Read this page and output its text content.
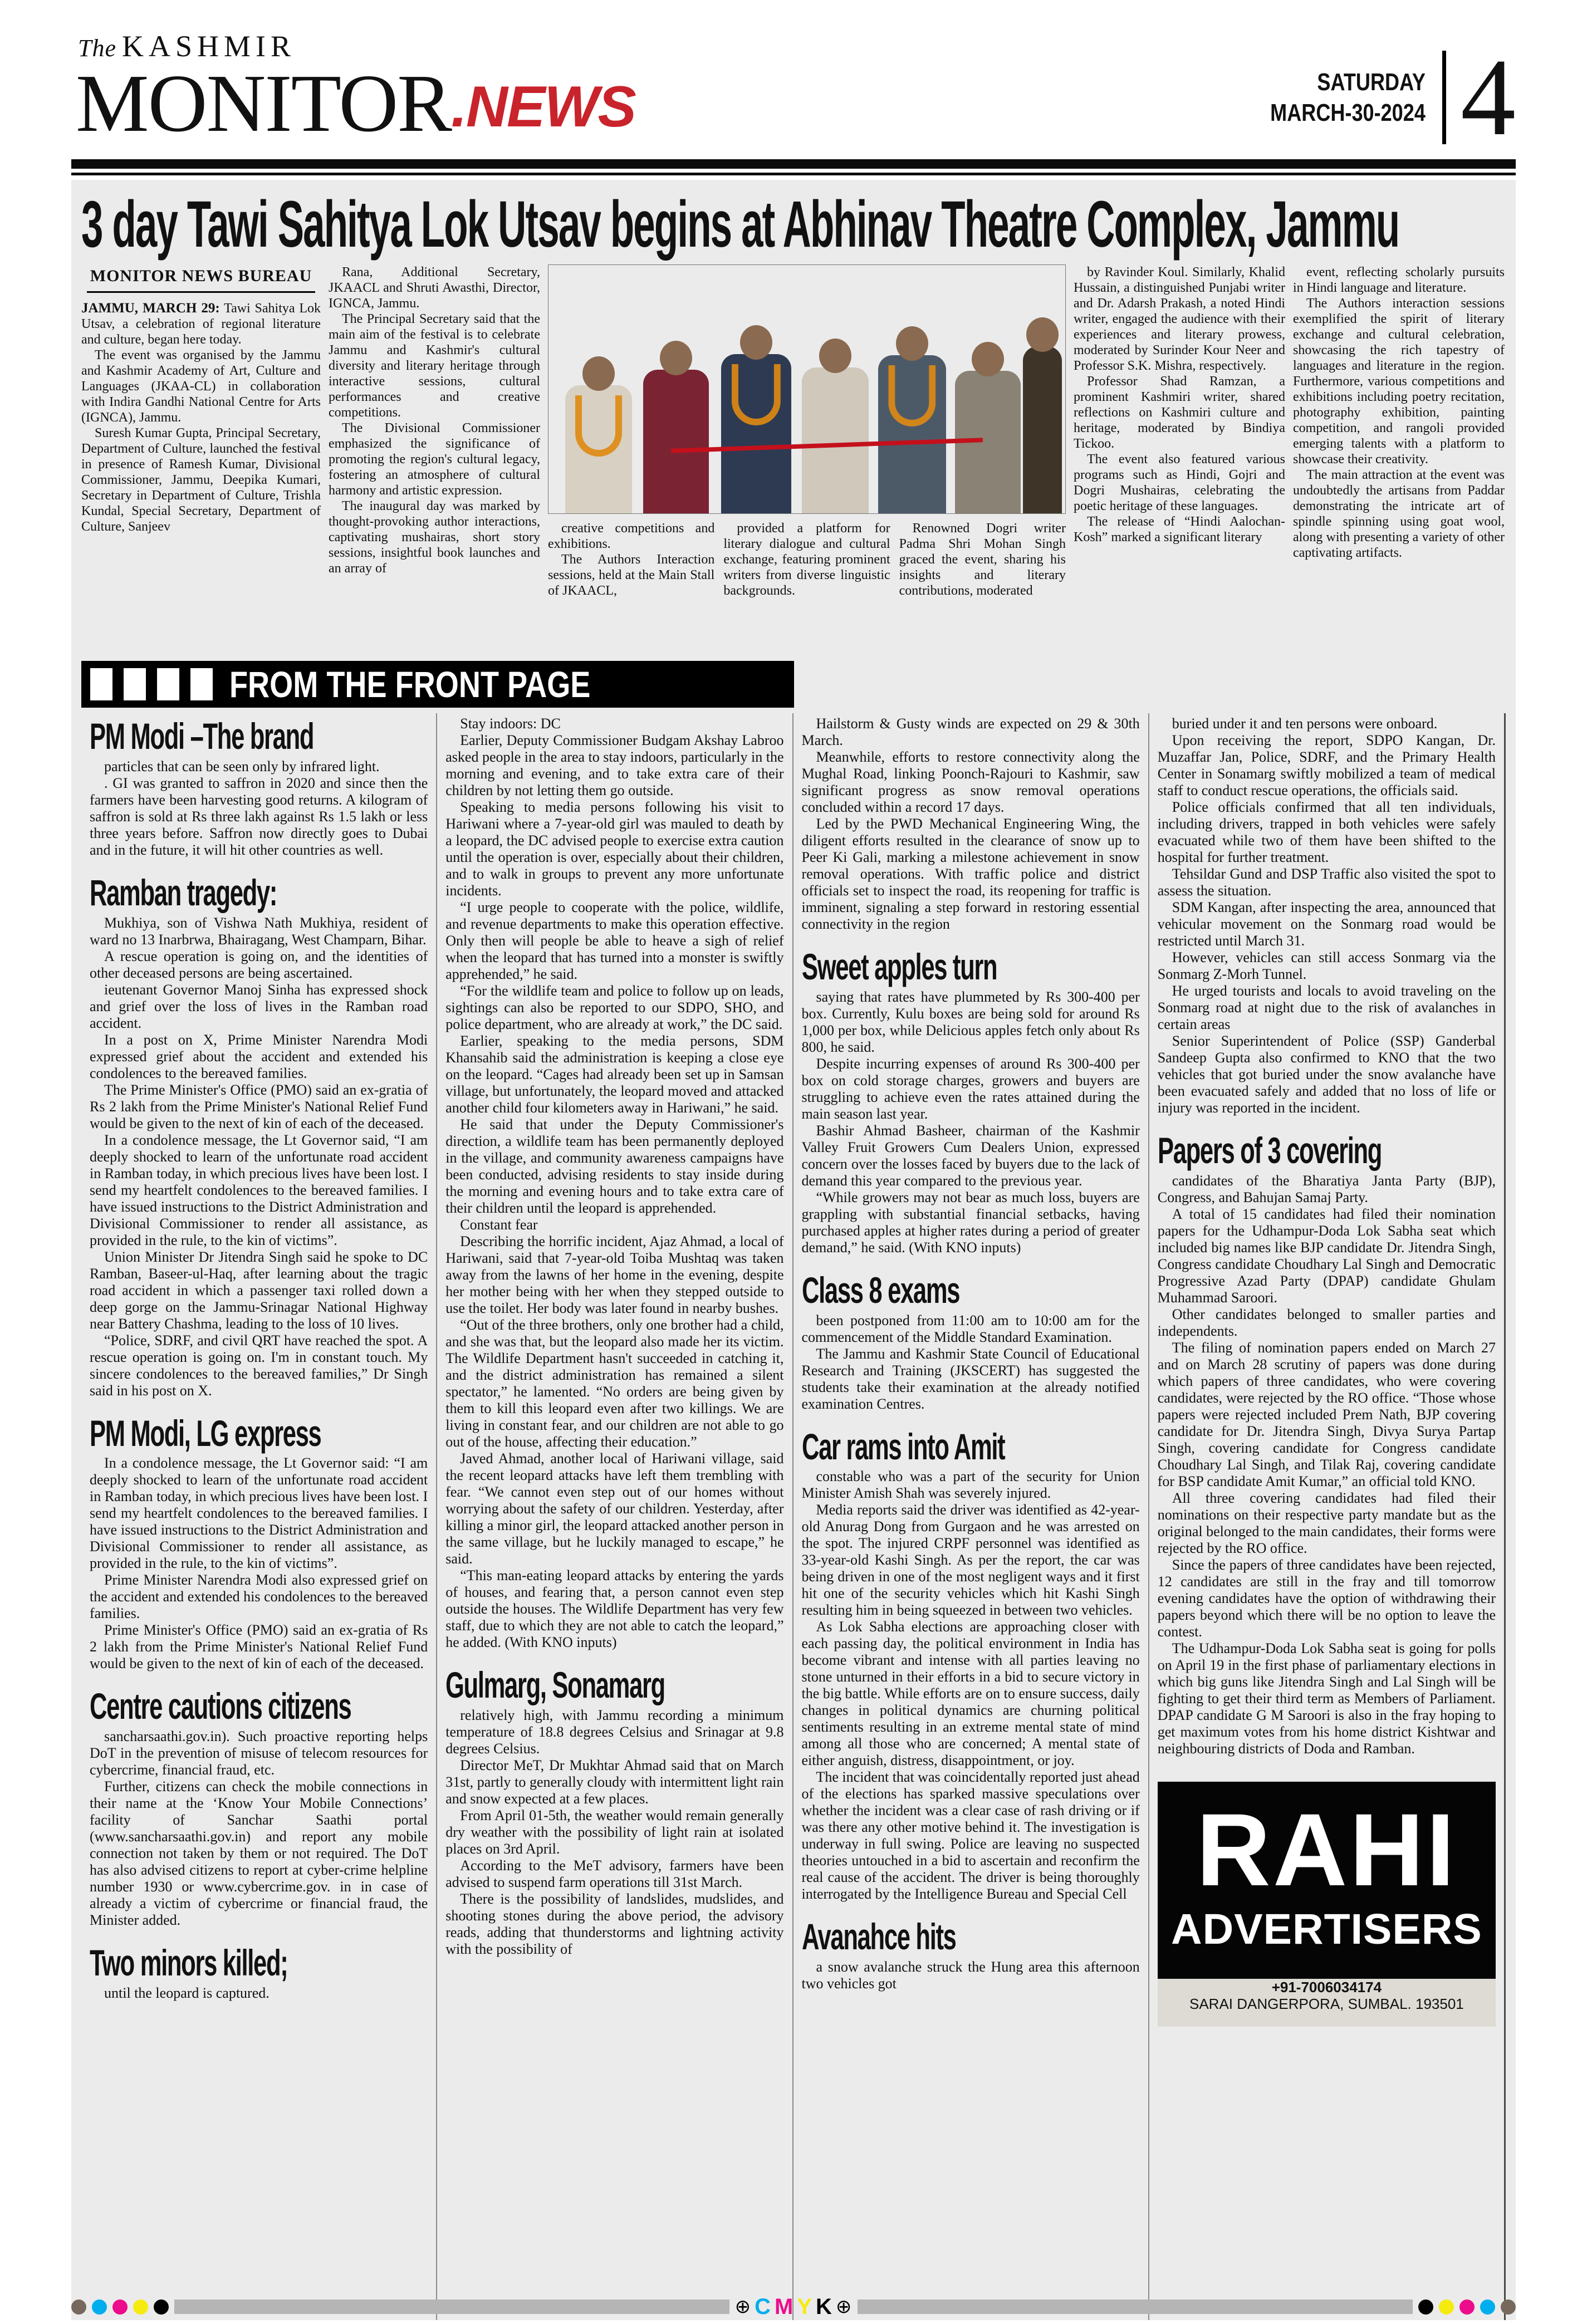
The KASHMIR
MONITOR.NEWS	SATURDAY
MARCH-30-2024 4
3 day Tawi Sahitya Lok Utsav begins at Abhinav Theatre Complex, Jammu
MONITOR NEWS BUREAU

JAMMU, MARCH 29: Tawi Sahitya Lok Utsav, a celebration of regional literature and culture, began here today.

The event was organised by the Jammu and Kashmir Academy of Art, Culture and Languages (JKAA-CL) in collaboration with Indira Gandhi National Centre for Arts (IGNCA), Jammu.

Suresh Kumar Gupta, Principal Secretary, Department of Culture, launched the festival in presence of Ramesh Kumar, Divisional Commissioner, Jammu, Deepika Kumari, Secretary in Department of Culture, Trishla Kundal, Special Secretary, Department of Culture, Sanjeev

Rana, Additional Secretary, JKAACL and Shruti Awasthi, Director, IGNCA, Jammu.

The Principal Secretary said that the main aim of the festival is to celebrate Jammu and Kashmir's cultural diversity and literary heritage through interactive sessions, cultural performances and creative competitions.

The Divisional Commissioner emphasized the significance of promoting the region's cultural legacy, fostering an atmosphere of cultural harmony and artistic expression.

The inaugural day was marked by thought-provoking author interactions, captivating mushairas, short story sessions, insightful book launches and an array of

creative competitions and exhibitions.

The Authors Interaction sessions, held at the Main Stall of JKAACL,

provided a platform for literary dialogue and cultural exchange, featuring prominent writers from diverse linguistic backgrounds.

Renowned Dogri writer Padma Shri Mohan Singh graced the event, sharing his insights and literary contributions, moderated

by Ravinder Koul. Similarly, Khalid Hussain, a distinguished Punjabi writer and Dr. Adarsh Prakash, a noted Hindi writer, engaged the audience with their experiences and literary prowess, moderated by Surinder Kour Neer and Professor S.K. Mishra, respectively.

Professor Shad Ramzan, a prominent Kashmiri writer, shared reflections on Kashmiri culture and heritage, moderated by Bindiya Tickoo.

The event also featured various programs such as Hindi, Gojri and Dogri Mushairas, celebrating the poetic heritage of these languages.

The release of “Hindi Aalochan-Kosh” marked a significant literary

event, reflecting scholarly pursuits in Hindi language and literature.

The Authors interaction sessions exemplified the spirit of literary exchange and cultural celebration, showcasing the rich tapestry of languages and literature in the region. Furthermore, various competitions and exhibitions including poetry recitation, photography exhibition, painting competition, and rangoli provided emerging talents with a platform to showcase their creativity.

The main attraction at the event was undoubtedly the artisans from Paddar demonstrating the intricate art of spindle spinning using goat wool, along with presenting a variety of other captivating artifacts.

FROM THE FRONT PAGE
PM Modi –The brand

particles that can be seen only by infrared light.

. GI was granted to saffron in 2020 and since then the farmers have been harvesting good returns. A kilogram of saffron is sold at Rs three lakh against Rs 1.5 lakh or less three years before. Saffron now directly goes to Dubai and in the future, it will hit other countries as well.

Ramban tragedy:

Mukhiya, son of Vishwa Nath Mukhiya, resident of ward no 13 Inarbrwa, Bhairagang, West Champarn, Bihar.

A rescue operation is going on, and the identities of other deceased persons are being ascertained.

ieutenant Governor Manoj Sinha has expressed shock and grief over the loss of lives in the Ramban road accident.

In a post on X, Prime Minister Narendra Modi expressed grief about the accident and extended his condolences to the bereaved families.

The Prime Minister's Office (PMO) said an ex-gratia of Rs 2 lakh from the Prime Minister's National Relief Fund would be given to the next of kin of each of the deceased.

In a condolence message, the Lt Governor said, “I am deeply shocked to learn of the unfortunate road accident in Ramban today, in which precious lives have been lost. I send my heartfelt condolences to the bereaved families. I have issued instructions to the District Administration and Divisional Commissioner to render all assistance, as provided in the rule, to the kin of victims”.

Union Minister Dr Jitendra Singh said he spoke to DC Ramban, Baseer-ul-Haq, after learning about the tragic road accident in which a passenger taxi rolled down a deep gorge on the Jammu-Srinagar National Highway near Battery Chashma, leading to the loss of 10 lives.

“Police, SDRF, and civil QRT have reached the spot. A rescue operation is going on. I'm in constant touch. My sincere condolences to the bereaved families,” Dr Singh said in his post on X.

PM Modi, LG express

In a condolence message, the Lt Governor said: “I am deeply shocked to learn of the unfortunate road accident in Ramban today, in which precious lives have been lost. I send my heartfelt condolences to the bereaved families. I have issued instructions to the District Administration and Divisional Commissioner to render all assistance, as provided in the rule, to the kin of victims”.

Prime Minister Narendra Modi also expressed grief on the accident and extended his condolences to the bereaved families.

Prime Minister's Office (PMO) said an ex-gratia of Rs 2 lakh from the Prime Minister's National Relief Fund would be given to the next of kin of each of the deceased.

Centre cautions citizens

sancharsaathi.gov.in). Such proactive reporting helps DoT in the prevention of misuse of telecom resources for cybercrime, financial fraud, etc.

Further, citizens can check the mobile connections in their name at the ‘Know Your Mobile Connections’ facility of Sanchar Saathi portal (www.sancharsaathi.gov.in) and report any mobile connection not taken by them or not required. The DoT has also advised citizens to report at cyber-crime helpline number 1930 or www.cybercrime.gov. in in case of already a victim of cybercrime or financial fraud, the Minister added.

Two minors killed;

until the leopard is captured.

Stay indoors: DC

Earlier, Deputy Commissioner Budgam Akshay Labroo asked people in the area to stay indoors, particularly in the morning and evening, and to take extra care of their children by not letting them go outside.

Speaking to media persons following his visit to Hariwani where a 7-year-old girl was mauled to death by a leopard, the DC advised people to exercise extra caution until the operation is over, especially about their children, and to walk in groups to prevent any more unfortunate incidents.

“I urge people to cooperate with the police, wildlife, and revenue departments to make this operation effective. Only then will people be able to heave a sigh of relief when the leopard that has turned into a monster is swiftly apprehended,” he said.

“For the wildlife team and police to follow up on leads, sightings can also be reported to our SDPO, SHO, and police department, who are already at work,” the DC said.

Earlier, speaking to the media persons, SDM Khansahib said the administration is keeping a close eye on the leopard. “Cages had already been set up in Samsan village, but unfortunately, the leopard moved and attacked another child four kilometers away in Hariwani,” he said.

He said that under the Deputy Commissioner's direction, a wildlife team has been permanently deployed in the village, and community awareness campaigns have been conducted, advising residents to stay inside during the morning and evening hours and to take extra care of their children until the leopard is apprehended.

Constant fear

Describing the horrific incident, Ajaz Ahmad, a local of Hariwani, said that 7-year-old Toiba Mushtaq was taken away from the lawns of her home in the evening, despite her mother being with her when they stepped outside to use the toilet. Her body was later found in nearby bushes.

“Out of the three brothers, only one brother had a child, and she was that, but the leopard also made her its victim. The Wildlife Department hasn't succeeded in catching it, and the district administration has remained a silent spectator,” he lamented. “No orders are being given by them to kill this leopard even after two killings. We are living in constant fear, and our children are not able to go out of the house, affecting their education.”

Javed Ahmad, another local of Hariwani village, said the recent leopard attacks have left them trembling with fear. “We cannot even step out of our homes without worrying about the safety of our children. Yesterday, after killing a minor girl, the leopard attacked another person in the same village, but he luckily managed to escape,” he said.

“This man-eating leopard attacks by entering the yards of houses, and fearing that, a person cannot even step outside the houses. The Wildlife Department has very few staff, due to which they are not able to catch the leopard,” he added. (With KNO inputs)

Gulmarg, Sonamarg

relatively high, with Jammu recording a minimum temperature of 18.8 degrees Celsius and Srinagar at 9.8 degrees Celsius.

Director MeT, Dr Mukhtar Ahmad said that on March 31st, partly to generally cloudy with intermittent light rain and snow expected at a few places.

From April 01-5th, the weather would remain generally dry weather with the possibility of light rain at isolated places on 3rd April.

According to the MeT advisory, farmers have been advised to suspend farm operations till 31st March.

There is the possibility of landslides, mudslides, and shooting stones during the above period, the advisory reads, adding that thunderstorms and lightning activity with the possibility of

Hailstorm & Gusty winds are expected on 29 & 30th March.

Meanwhile, efforts to restore connectivity along the Mughal Road, linking Poonch-Rajouri to Kashmir, saw significant progress as snow removal operations concluded within a record 17 days.

Led by the PWD Mechanical Engineering Wing, the diligent efforts resulted in the clearance of snow up to Peer Ki Gali, marking a milestone achievement in snow removal operations. With traffic police and district officials set to inspect the road, its reopening for traffic is imminent, signaling a step forward in restoring essential connectivity in the region

Sweet apples turn

saying that rates have plummeted by Rs 300-400 per box. Currently, Kulu boxes are being sold for around Rs 1,000 per box, while Delicious apples fetch only about Rs 800, he said.

Despite incurring expenses of around Rs 300-400 per box on cold storage charges, growers and buyers are struggling to achieve even the rates attained during the main season last year.

Bashir Ahmad Basheer, chairman of the Kashmir Valley Fruit Growers Cum Dealers Union, expressed concern over the losses faced by buyers due to the lack of demand this year compared to the previous year.

“While growers may not bear as much loss, buyers are grappling with substantial financial setbacks, having purchased apples at higher rates during a period of greater demand,” he said. (With KNO inputs)

Class 8 exams

been postponed from 11:00 am to 10:00 am for the commencement of the Middle Standard Examination.

The Jammu and Kashmir State Council of Educational Research and Training (JKSCERT) has suggested the students take their examination at the already notified examination Centres.

Car rams into Amit

constable who was a part of the security for Union Minister Amish Shah was severely injured.

Media reports said the driver was identified as 42-year-old Anurag Dong from Gurgaon and he was arrested on the spot. The injured CRPF personnel was identified as 33-year-old Kashi Singh. As per the report, the car was being driven in one of the most negligent ways and it first hit one of the security vehicles which hit Kashi Singh resulting him in being squeezed in between two vehicles.

As Lok Sabha elections are approaching closer with each passing day, the political environment in India has become vibrant and intense with all parties leaving no stone unturned in their efforts in a bid to secure victory in the big battle. While efforts are on to ensure success, daily changes in political dynamics are churning political sentiments resulting in an extreme mental state of mind among all those who are concerned; A mental state of either anguish, distress, disappointment, or joy.

The incident that was coincidentally reported just ahead of the elections has sparked massive speculations over whether the incident was a clear case of rash driving or if was there any other motive behind it. The investigation is underway in full swing. Police are leaving no suspected theories untouched in a bid to ascertain and reconfirm the real cause of the accident. The driver is being thoroughly interrogated by the Intelligence Bureau and Special Cell

Avanahce hits

a snow avalanche struck the Hung area this afternoon two vehicles got

buried under it and ten persons were onboard.

Upon receiving the report, SDPO Kangan, Dr. Muzaffar Jan, Police, SDRF, and the Primary Health Center in Sonamarg swiftly mobilized a team of medical staff to conduct rescue operations, the officials said.

Police officials confirmed that all ten individuals, including drivers, trapped in both vehicles were safely evacuated while two of them have been shifted to the hospital for further treatment.

Tehsildar Gund and DSP Traffic also visited the spot to assess the situation.

SDM Kangan, after inspecting the area, announced that vehicular movement on the Sonmarg road would be restricted until March 31.

However, vehicles can still access Sonmarg via the Sonmarg Z-Morh Tunnel.

He urged tourists and locals to avoid traveling on the Sonmarg road at night due to the risk of avalanches in certain areas

Senior Superintendent of Police (SSP) Ganderbal Sandeep Gupta also confirmed to KNO that the two vehicles that got buried under the snow avalanche have been evacuated safely and added that no loss of life or injury was reported in the incident.

Papers of 3 covering

candidates of the Bharatiya Janta Party (BJP), Congress, and Bahujan Samaj Party.

A total of 15 candidates had filed their nomination papers for the Udhampur-Doda Lok Sabha seat which included big names like BJP candidate Dr. Jitendra Singh, Congress candidate Choudhary Lal Singh and Democratic Progressive Azad Party (DPAP) candidate Ghulam Muhammad Saroori.

Other candidates belonged to smaller parties and independents.

The filing of nomination papers ended on March 27 and on March 28 scrutiny of papers was done during which papers of three candidates, who were covering candidates, were rejected by the RO office. “Those whose papers were rejected included Prem Nath, BJP covering candidate for Dr. Jitendra Singh, Divya Surya Partap Singh, covering candidate for Congress candidate Choudhary Lal Singh, and Tilak Raj, covering candidate for BSP candidate Amit Kumar,” an official told KNO.

All three covering candidates had filed their nominations on their respective party mandate but as the original belonged to the main candidates, their forms were rejected by the RO office.

Since the papers of three candidates have been rejected, 12 candidates are still in the fray and till tomorrow evening candidates have the option of withdrawing their papers beyond which there will be no option to leave the contest.

The Udhampur-Doda Lok Sabha seat is going for polls on April 19 in the first phase of parliamentary elections in which big guns like Jitendra Singh and Lal Singh will be fighting to get their third term as Members of Parliament. DPAP candidate G M Saroori is also in the fray hoping to get maximum votes from his home district Kishtwar and neighbouring districts of Doda and Ramban.

RAHI
ADVERTISERS

+91-7006034174

SARAI DANGERPORA, SUMBAL. 193501

⊕ C M Y K ⊕
